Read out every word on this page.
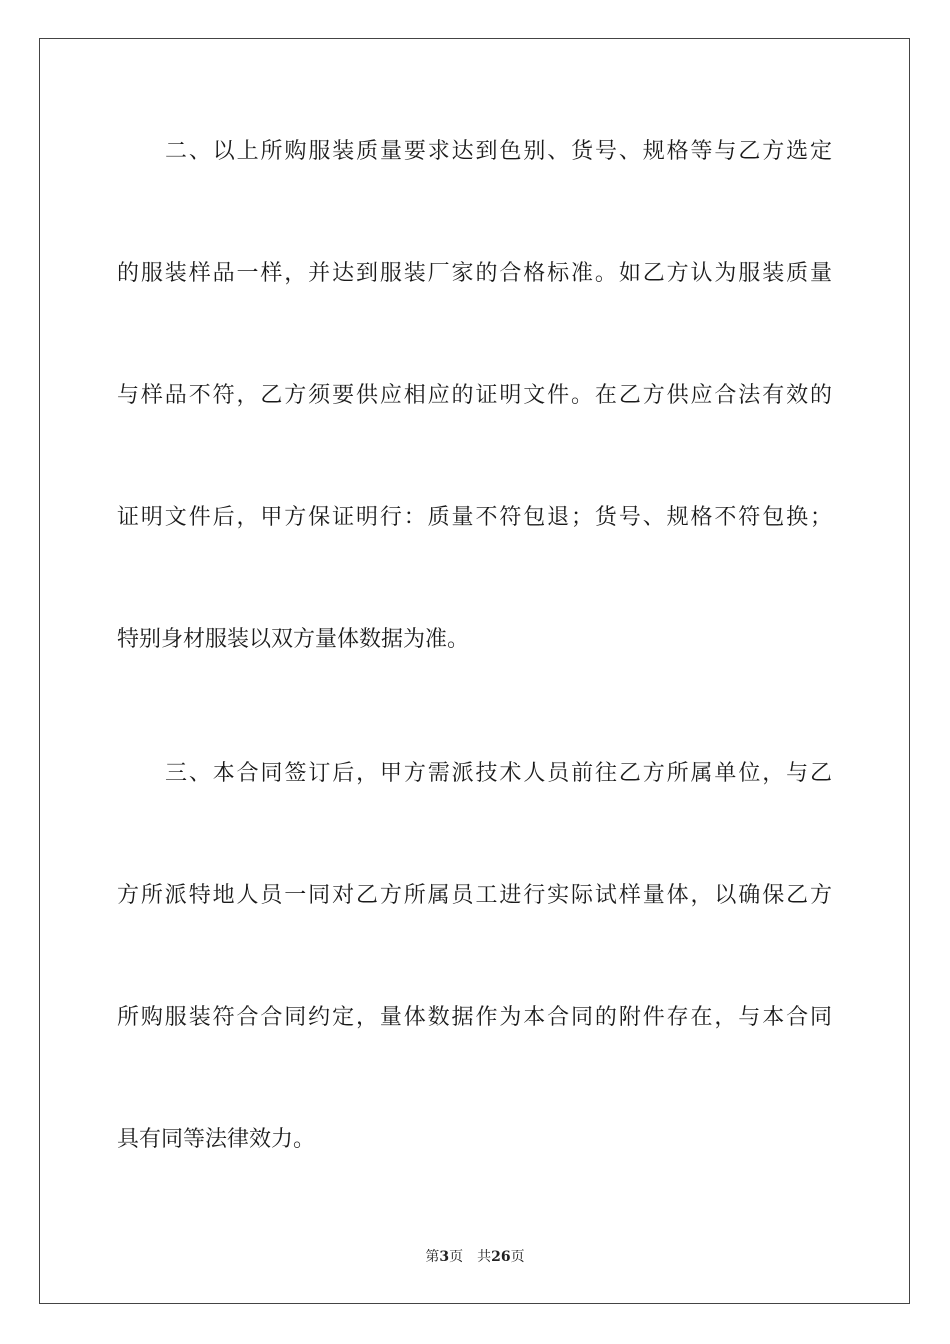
二、以上所购服装质量要求达到色别、货号、规格等与乙方选定

的服装样品一样，并达到服装厂家的合格标准。如乙方认为服装质量

与样品不符，乙方须要供应相应的证明文件。在乙方供应合法有效的

证明文件后，甲方保证明行：质量不符包退；货号、规格不符包换；

特别身材服装以双方量体数据为准。

三、本合同签订后，甲方需派技术人员前往乙方所属单位，与乙

方所派特地人员一同对乙方所属员工进行实际试样量体，以确保乙方

所购服装符合合同约定，量体数据作为本合同的附件存在，与本合同

具有同等法律效力。

第3页 共26页
